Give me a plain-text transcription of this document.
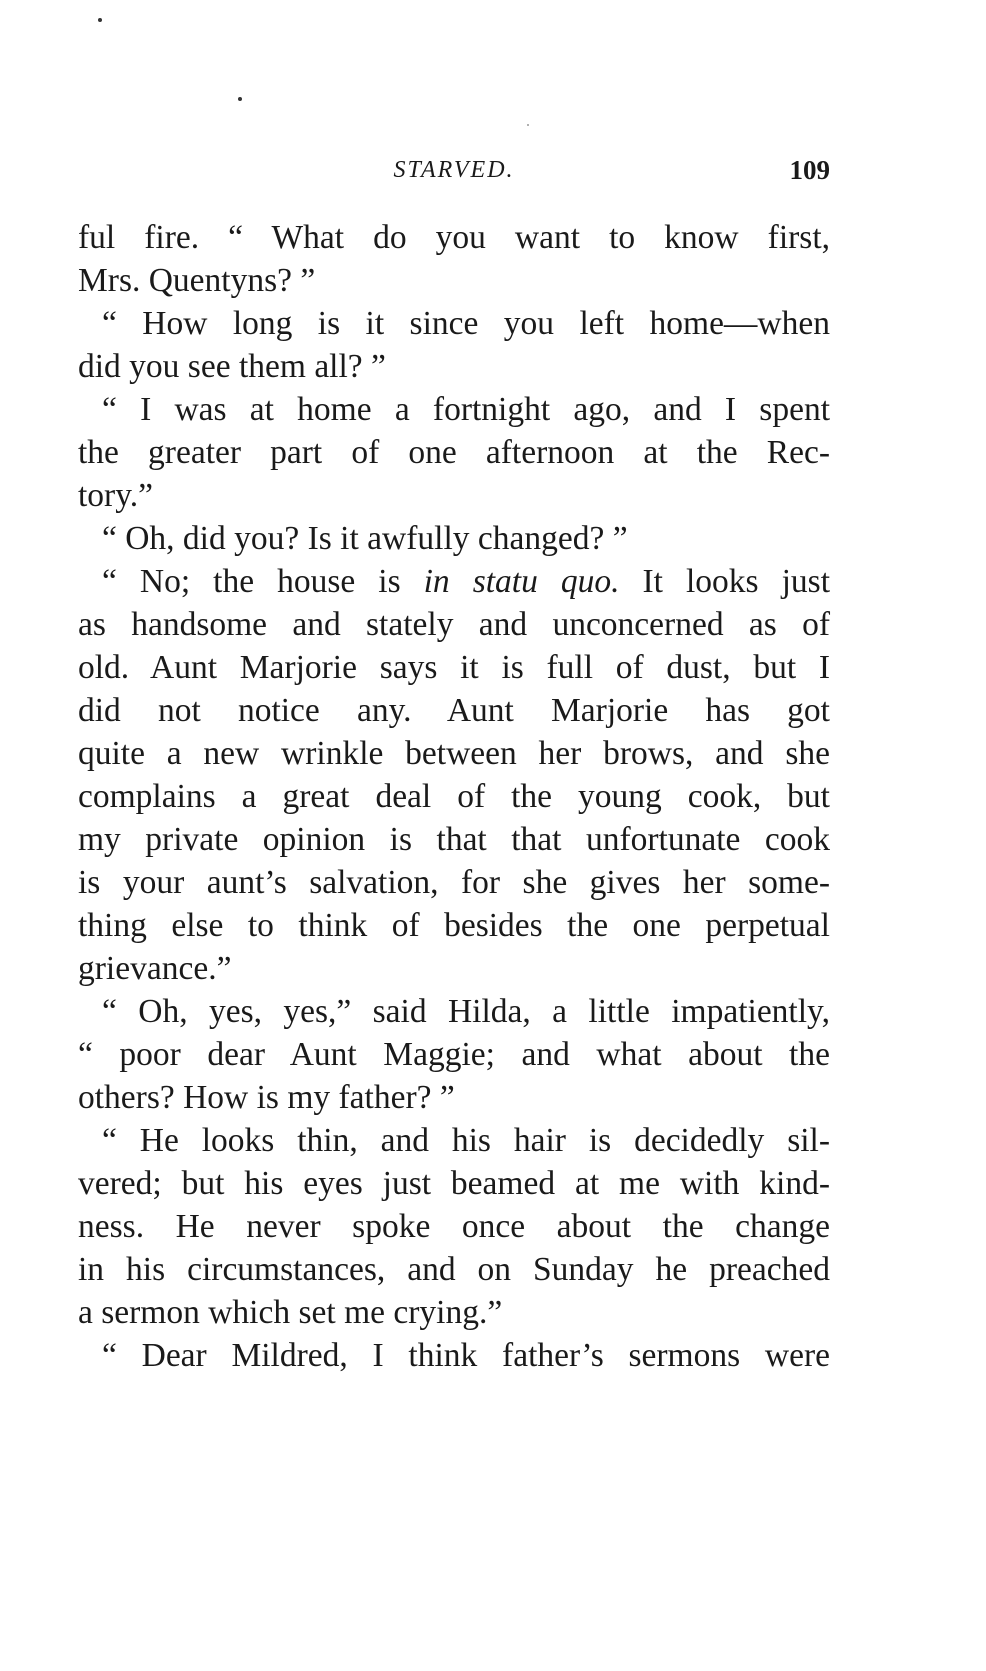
STARVED.	109
ful fire. “ What do you want to know first,
Mrs. Quentyns? ”
“ How long is it since you left home—when
did you see them all? ”
“ I was at home a fortnight ago, and I spent
the greater part of one afternoon at the Rec-
tory.”
“ Oh, did you? Is it awfully changed? ”
“ No; the house is in statu quo. It looks just
as handsome and stately and unconcerned as of
old. Aunt Marjorie says it is full of dust, but I
did not notice any. Aunt Marjorie has got
quite a new wrinkle between her brows, and she
complains a great deal of the young cook, but
my private opinion is that that unfortunate cook
is your aunt’s salvation, for she gives her some-
thing else to think of besides the one perpetual
grievance.”
“ Oh, yes, yes,” said Hilda, a little impatiently,
“ poor dear Aunt Maggie; and what about the
others? How is my father? ”
“ He looks thin, and his hair is decidedly sil-
vered; but his eyes just beamed at me with kind-
ness. He never spoke once about the change
in his circumstances, and on Sunday he preached
a sermon which set me crying.”
“ Dear Mildred, I think father’s sermons were
